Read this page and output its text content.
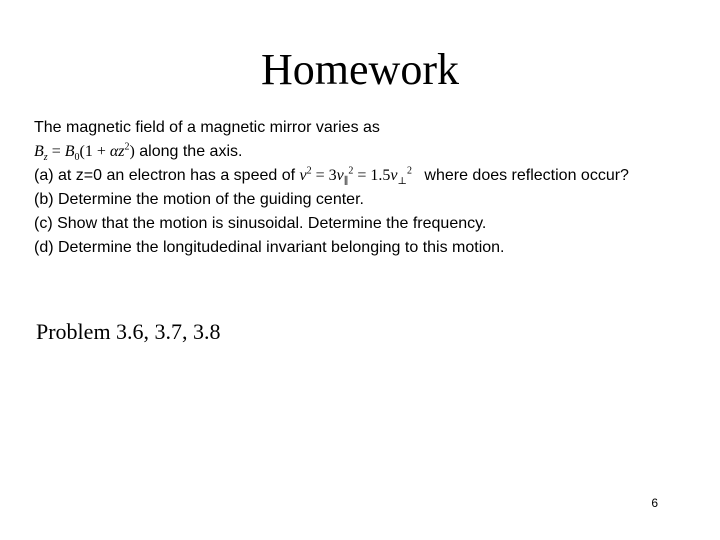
Homework
The magnetic field of a magnetic mirror varies as
$B_z = B_0(1 + \alpha z^2)$ along the axis.
(a) at z=0 an electron has a speed of $v^2 = 3v_\parallel^2 = 1.5v_\perp^2$ where does reflection occur?
(b) Determine the motion of the guiding center.
(c) Show that the motion is sinusoidal. Determine the frequency.
(d) Determine the longitudedinal invariant belonging to this motion.
Problem 3.6, 3.7, 3.8
6
